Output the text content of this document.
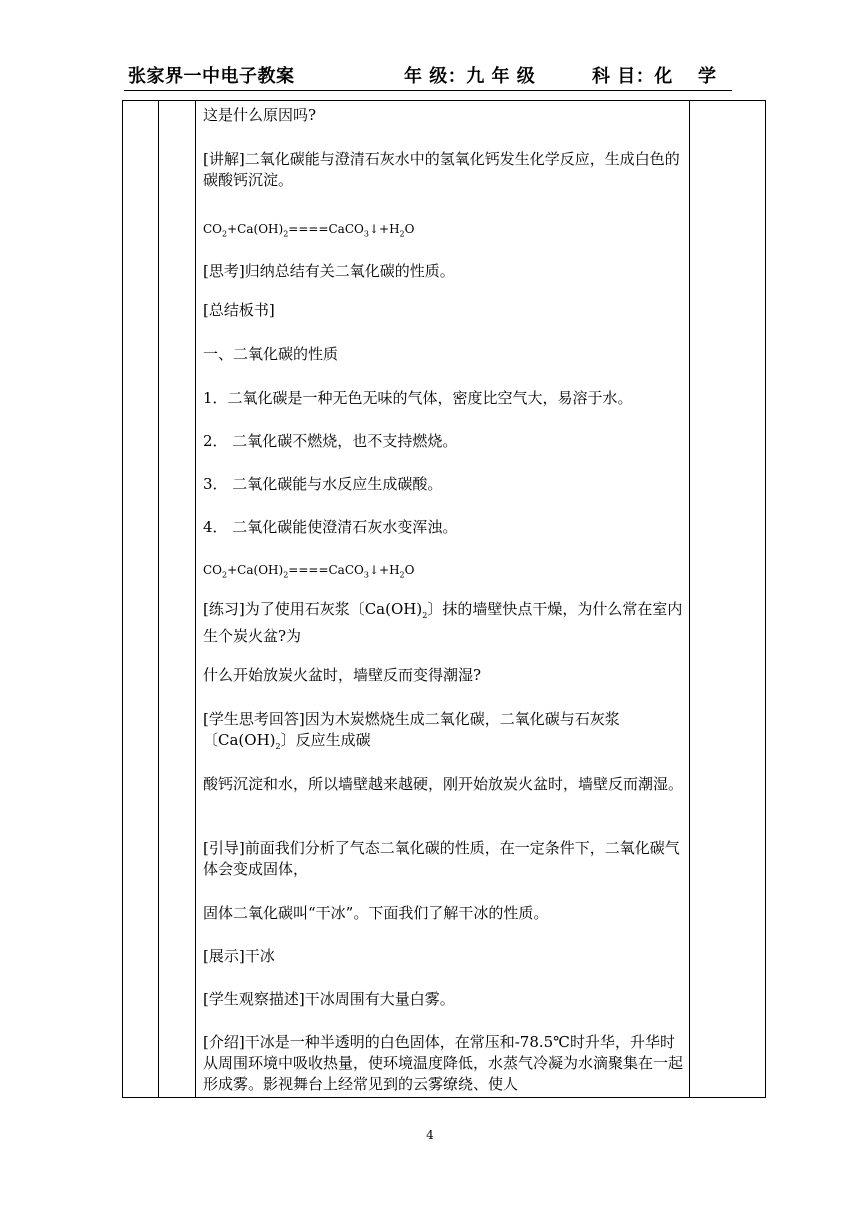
张家界一中电子教案	年 级：九 年 级	科 目：化　 学

这是什么原因吗?

[讲解]二氧化碳能与澄清石灰水中的氢氧化钙发生化学反应，生成白色的碳酸钙沉淀。

$CO_2+Ca(OH)_2====CaCO_3↓+H_2O$

[思考]归纳总结有关二氧化碳的性质。

[总结板书]

一、二氧化碳的性质

1．二氧化碳是一种无色无味的气体，密度比空气大，易溶于水。

2． 二氧化碳不燃烧，也不支持燃烧。

3． 二氧化碳能与水反应生成碳酸。

4． 二氧化碳能使澄清石灰水变浑浊。

$CO_2+Ca(OH)_2====CaCO_3↓+H_2O$

[练习]为了使用石灰浆〔$Ca(OH)_2$〕抹的墙壁快点干燥，为什么常在室内生个炭火盆?为

什么开始放炭火盆时，墙壁反而变得潮湿?

[学生思考回答]因为木炭燃烧生成二氧化碳，二氧化碳与石灰浆〔$Ca(OH)_2$〕反应生成碳

酸钙沉淀和水，所以墙壁越来越硬，刚开始放炭火盆时，墙壁反而潮湿。

[引导]前面我们分析了气态二氧化碳的性质，在一定条件下，二氧化碳气体会变成固体，

固体二氧化碳叫“干冰”。下面我们了解干冰的性质。

[展示]干冰

[学生观察描述]干冰周围有大量白雾。

[介绍]干冰是一种半透明的白色固体，在常压和-78.5℃时升华，升华时从周围环境中吸收热量，使环境温度降低，水蒸气冷凝为水滴聚集在一起形成雾。影视舞台上经常见到的云雾缭绕、使人

4
